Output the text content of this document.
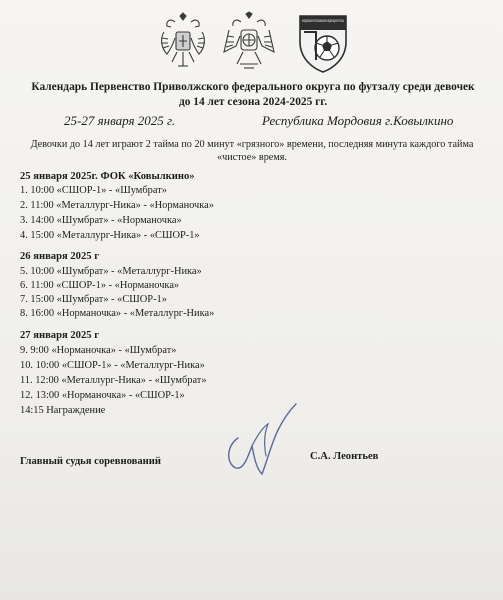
МОРДОВСКАЯ РЕСПУБЛИКАНСКАЯ ФЕДЕРАЦИЯ ФУТБОЛА
Календарь Первенство Приволжского федерального округа по футзалу среди девочек
до 14 лет сезона 2024-2025 гг.
25-27 января 2025 г.	Республика Мордовия г.Ковылкино
Девочки до 14 лет играют 2 тайма по 20 минут «грязного» времени, последняя минута каждого тайма
«чистое» время.
25 января 2025г. ФОК «Ковылкино»
1. 10:00 «СШОР-1» - «Шумбрат»
2. 11:00 «Металлург-Ника» - «Нормaночка»
3. 14:00 «Шумбрат» - «Норманочка»
4. 15:00 «Металлург-Ника» - «СШОР-1»
26 января 2025 г
5. 10:00 «Шумбрат» - «Металлург-Ника»
6. 11:00 «СШОР-1» - «Норманочка»
7. 15:00 «Шумбрат» - «СШОР-1»
8. 16:00 «Норманочка» - «Металлург-Ника»
27 января 2025 г
9. 9:00 «Норманочка» - «Шумбрат»
10. 10:00 «СШОР-1» - «Металлург-Ника»
11. 12:00 «Металлург-Ника» - «Шумбрат»
12. 13:00 «Норманочка» - «СШОР-1»
14:15 Награждение
Главный судья соревнований	С.А. Леонтьев
